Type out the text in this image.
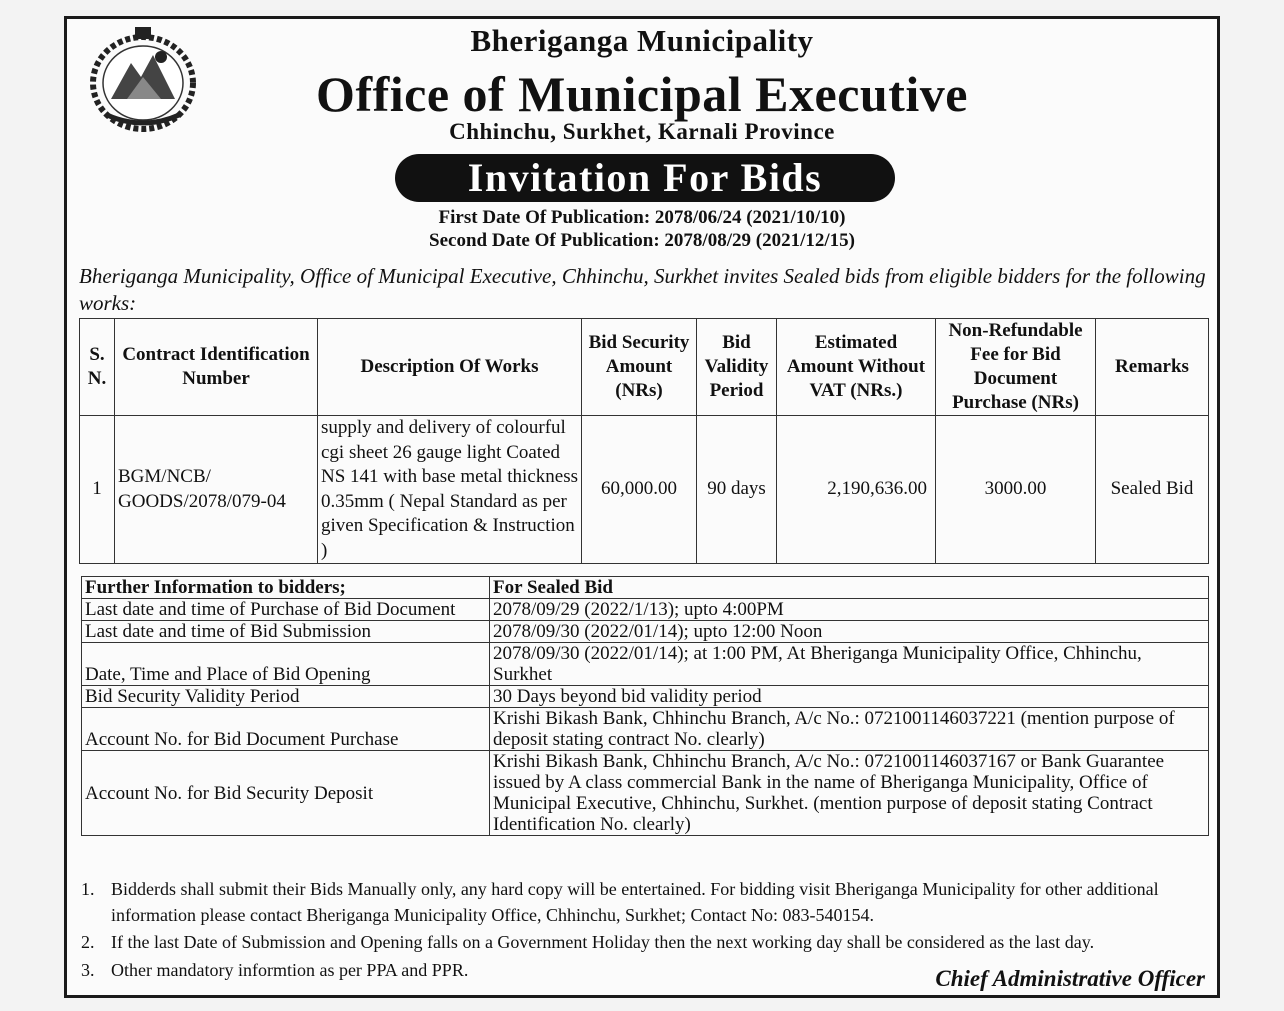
Bheriganga Municipality
Office of Municipal Executive
Chhinchu, Surkhet, Karnali Province
Invitation For Bids
First Date Of Publication: 2078/06/24 (2021/10/10)
Second Date Of Publication: 2078/08/29 (2021/12/15)
Bheriganga Municipality, Office of Municipal Executive, Chhinchu, Surkhet invites Sealed bids from eligible bidders for the following works:
S. N.	Contract Identification Number	Description Of Works	Bid Security Amount (NRs)	Bid Validity Period	Estimated Amount Without VAT (NRs.)	Non-Refundable Fee for Bid Document Purchase (NRs)	Remarks
1	BGM/NCB/ GOODS/2078/079-04	supply and delivery of colourful cgi sheet 26 gauge light Coated NS 141 with base metal thickness 0.35mm ( Nepal Standard as per given Specification & Instruction )	60,000.00	90 days	2,190,636.00	3000.00	Sealed Bid
Further Information to bidders;	For Sealed Bid
Last date and time of Purchase of Bid Document	2078/09/29 (2022/1/13); upto 4:00PM
Last date and time of Bid Submission	2078/09/30 (2022/01/14); upto 12:00 Noon
Date, Time and Place of Bid Opening	2078/09/30 (2022/01/14); at 1:00 PM, At Bheriganga Municipality Office, Chhinchu, Surkhet
Bid Security Validity Period	30 Days beyond bid validity period
Account No. for Bid Document Purchase	Krishi Bikash Bank, Chhinchu Branch, A/c No.: 0721001146037221 (mention purpose of deposit stating contract No. clearly)
Account No. for Bid Security Deposit	Krishi Bikash Bank, Chhinchu Branch, A/c No.: 0721001146037167 or Bank Guarantee issued by A class commercial Bank in the name of Bheriganga Municipality, Office of Municipal Executive, Chhinchu, Surkhet. (mention purpose of deposit stating Contract Identification No. clearly)
1. Bidderds shall submit their Bids Manually only, any hard copy will be entertained. For bidding visit Bheriganga Municipality for other additional information please contact Bheriganga Municipality Office, Chhinchu, Surkhet; Contact No: 083-540154.
2. If the last Date of Submission and Opening falls on a Government Holiday then the next working day shall be considered as the last day.
3. Other mandatory informtion as per PPA and PPR.	Chief Administrative Officer
